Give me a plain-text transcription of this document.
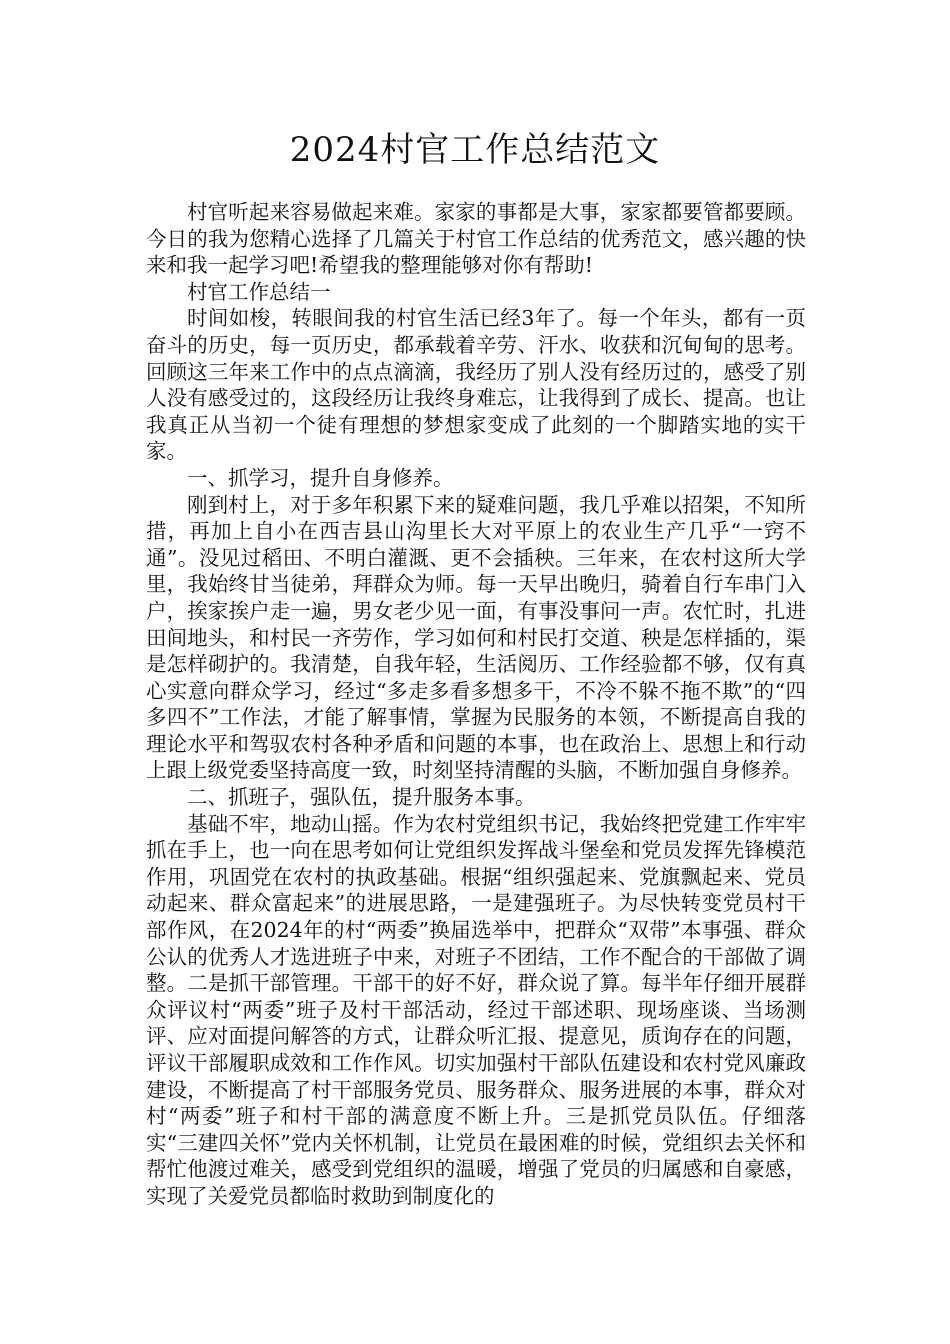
2024村官工作总结范文

村官听起来容易做起来难。家家的事都是大事，家家都要管都要顾。今日的我为您精心选择了几篇关于村官工作总结的优秀范文，感兴趣的快来和我一起学习吧!希望我的整理能够对你有帮助!

村官工作总结一

时间如梭，转眼间我的村官生活已经3年了。每一个年头，都有一页奋斗的历史，每一页历史，都承载着辛劳、汗水、收获和沉甸甸的思考。回顾这三年来工作中的点点滴滴，我经历了别人没有经历过的，感受了别人没有感受过的，这段经历让我终身难忘，让我得到了成长、提高。也让我真正从当初一个徒有理想的梦想家变成了此刻的一个脚踏实地的实干家。

一、抓学习，提升自身修养。

刚到村上，对于多年积累下来的疑难问题，我几乎难以招架，不知所措，再加上自小在西吉县山沟里长大对平原上的农业生产几乎“一窍不通”。没见过稻田、不明白灌溉、更不会插秧。三年来，在农村这所大学里，我始终甘当徒弟，拜群众为师。每一天早出晚归，骑着自行车串门入户，挨家挨户走一遍，男女老少见一面，有事没事问一声。农忙时，扎进田间地头，和村民一齐劳作，学习如何和村民打交道、秧是怎样插的，渠是怎样砌护的。我清楚，自我年轻，生活阅历、工作经验都不够，仅有真心实意向群众学习，经过“多走多看多想多干，不冷不躲不拖不欺”的“四多四不”工作法，才能了解事情，掌握为民服务的本领，不断提高自我的理论水平和驾驭农村各种矛盾和问题的本事，也在政治上、思想上和行动上跟上级党委坚持高度一致，时刻坚持清醒的头脑，不断加强自身修养。

二、抓班子，强队伍，提升服务本事。

基础不牢，地动山摇。作为农村党组织书记，我始终把党建工作牢牢抓在手上，也一向在思考如何让党组织发挥战斗堡垒和党员发挥先锋模范作用，巩固党在农村的执政基础。根据“组织强起来、党旗飘起来、党员动起来、群众富起来”的进展思路，一是建强班子。为尽快转变党员村干部作风，在2024年的村“两委”换届选举中，把群众“双带”本事强、群众公认的优秀人才选进班子中来，对班子不团结，工作不配合的干部做了调整。二是抓干部管理。干部干的好不好，群众说了算。每半年仔细开展群众评议村“两委”班子及村干部活动，经过干部述职、现场座谈、当场测评、应对面提问解答的方式，让群众听汇报、提意见，质询存在的问题，评议干部履职成效和工作作风。切实加强村干部队伍建设和农村党风廉政建设，不断提高了村干部服务党员、服务群众、服务进展的本事，群众对村“两委”班子和村干部的满意度不断上升。三是抓党员队伍。仔细落实“三建四关怀”党内关怀机制，让党员在最困难的时候，党组织去关怀和帮忙他渡过难关，感受到党组织的温暖，增强了党员的归属感和自豪感，实现了关爱党员都临时救助到制度化的
